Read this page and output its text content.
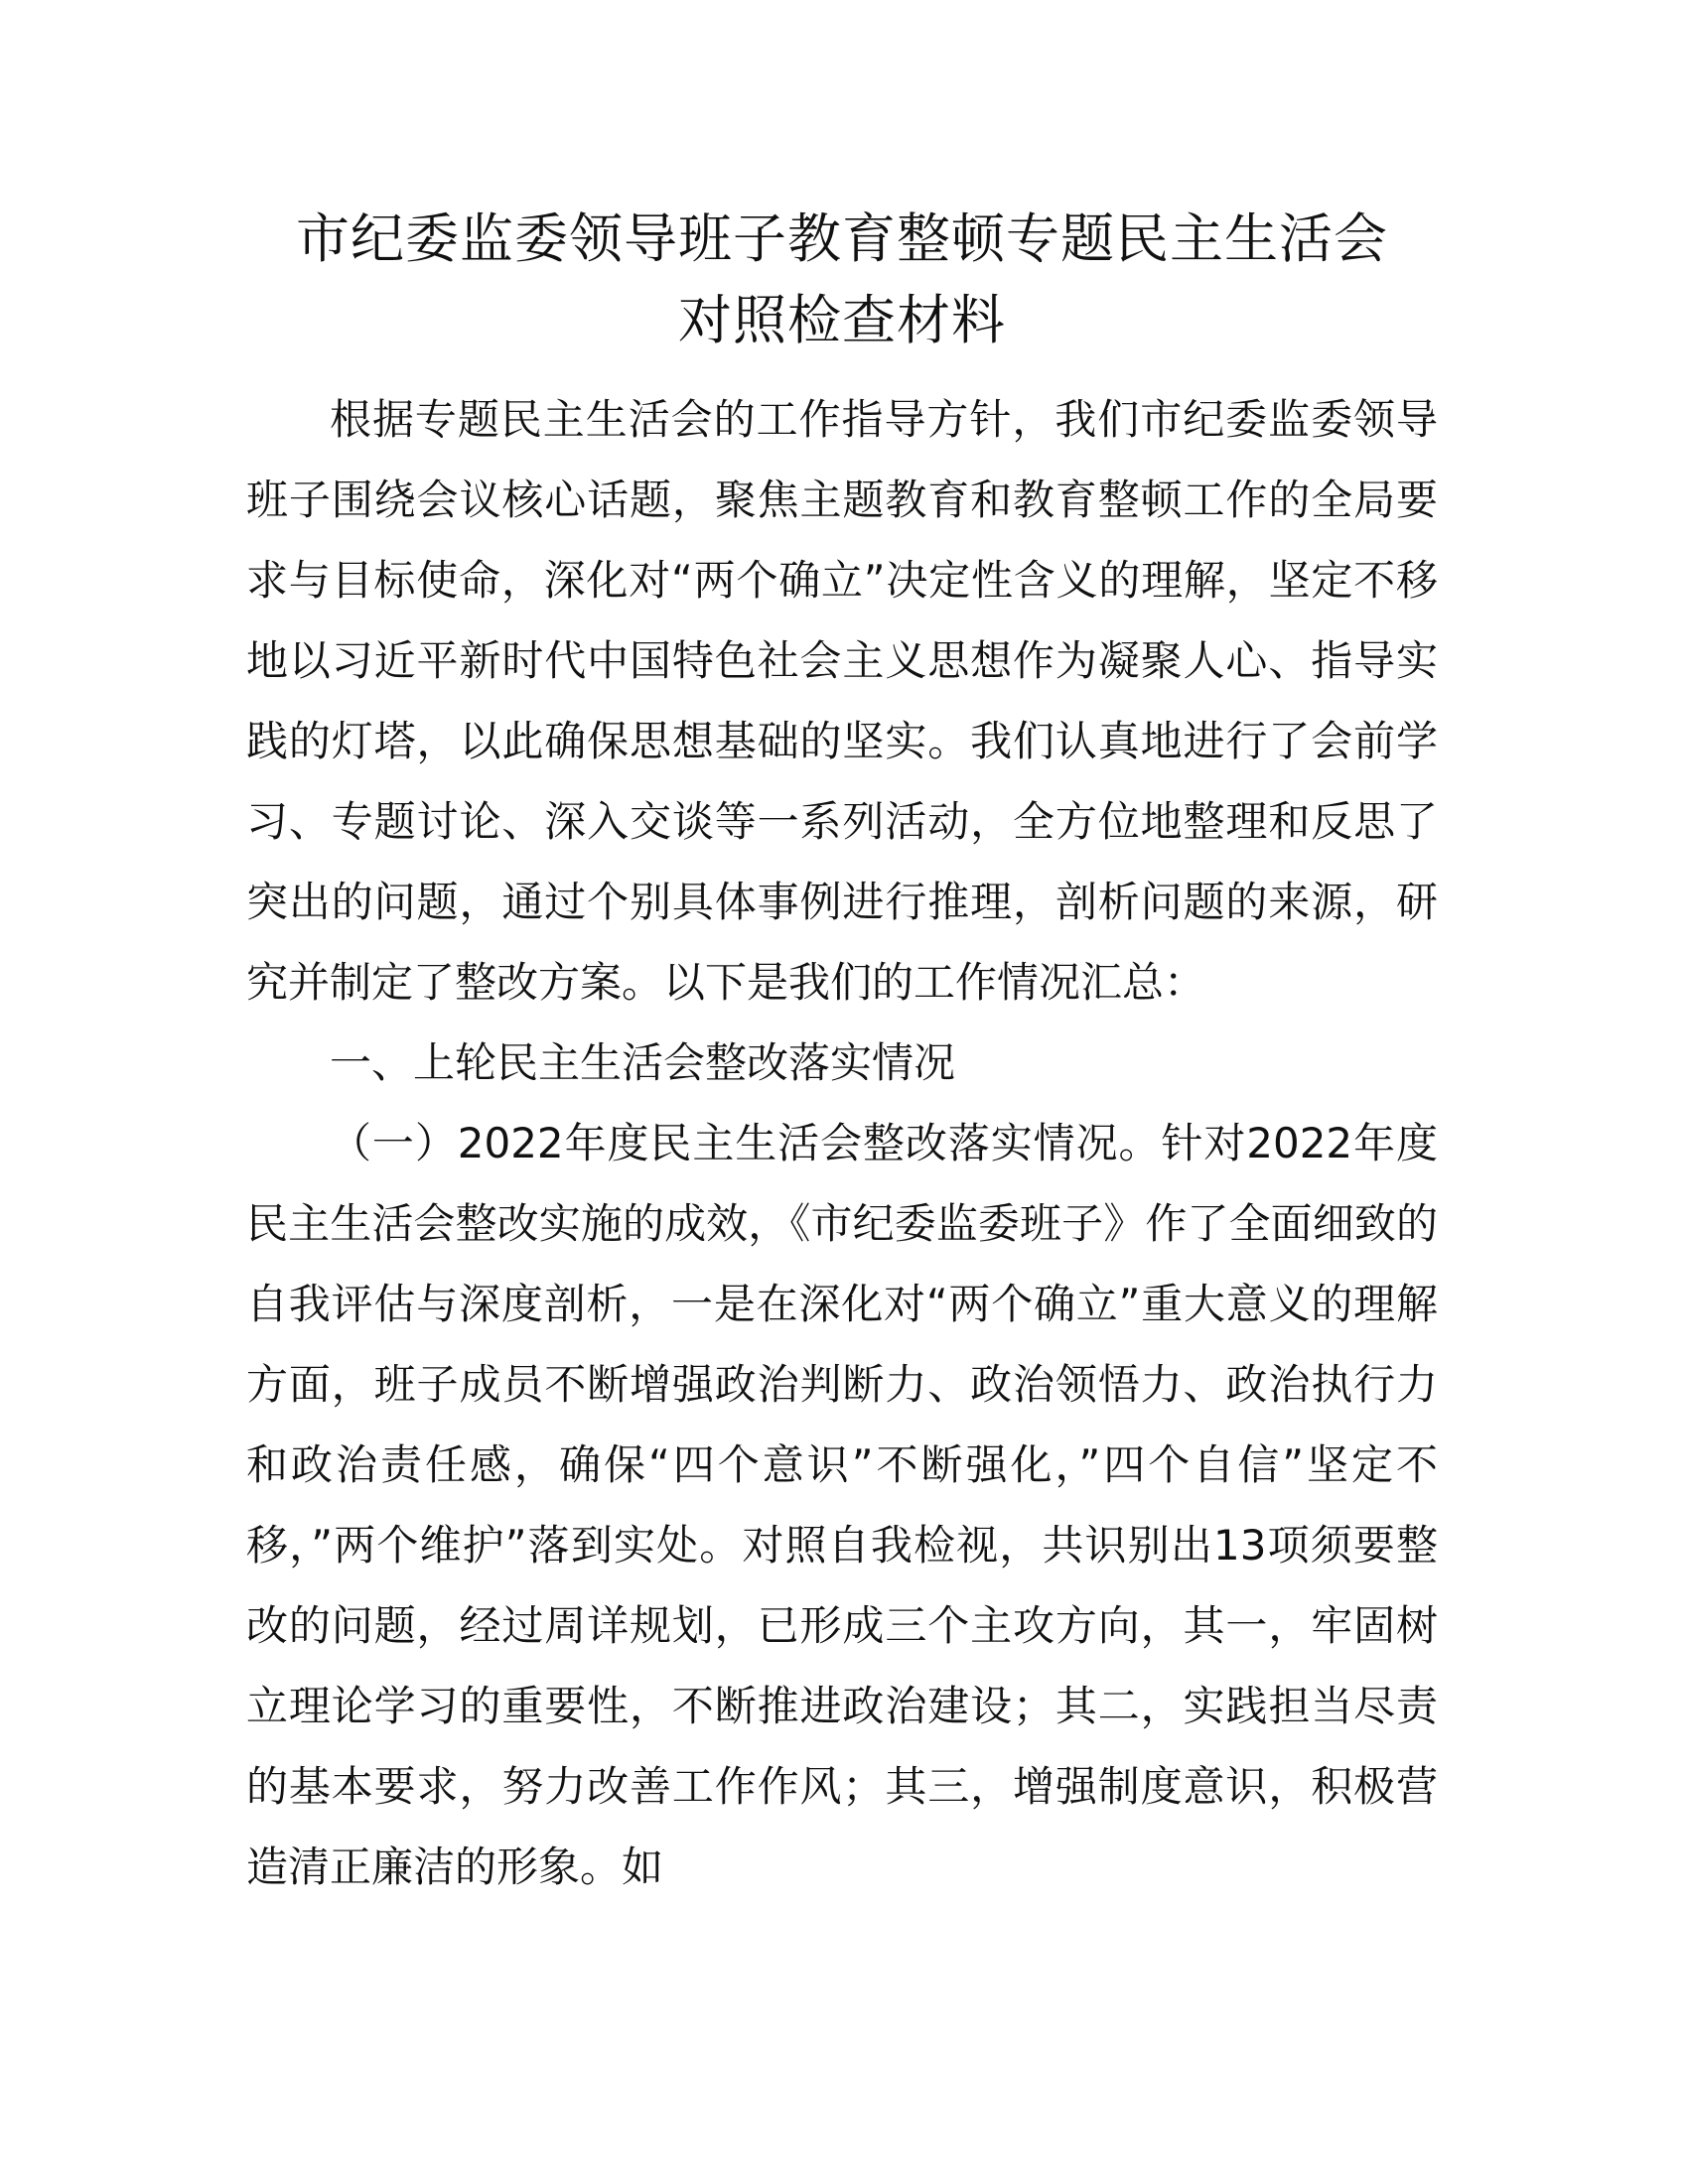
市纪委监委领导班子教育整顿专题民主生活会
对照检查材料

根据专题民主生活会的工作指导方针，我们市纪委监委领导班子围绕会议核心话题，聚焦主题教育和教育整顿工作的全局要求与目标使命，深化对“两个确立”决定性含义的理解，坚定不移地以习近平新时代中国特色社会主义思想作为凝聚人心、指导实践的灯塔，以此确保思想基础的坚实。我们认真地进行了会前学习、专题讨论、深入交谈等一系列活动，全方位地整理和反思了突出的问题，通过个别具体事例进行推理，剖析问题的来源，研究并制定了整改方案。以下是我们的工作情况汇总：

一、上轮民主生活会整改落实情况

（一）2022年度民主生活会整改落实情况。针对2022年度民主生活会整改实施的成效，《市纪委监委班子》作了全面细致的自我评估与深度剖析，一是在深化对“两个确立”重大意义的理解方面，班子成员不断增强政治判断力、政治领悟力、政治执行力和政治责任感，确保“四个意识”不断强化，”四个自信”坚定不移，”两个维护”落到实处。对照自我检视，共识别出13项须要整改的问题，经过周详规划，已形成三个主攻方向，其一，牢固树立理论学习的重要性，不断推进政治建设；其二，实践担当尽责的基本要求，努力改善工作作风；其三，增强制度意识，积极营造清正廉洁的形象。如
